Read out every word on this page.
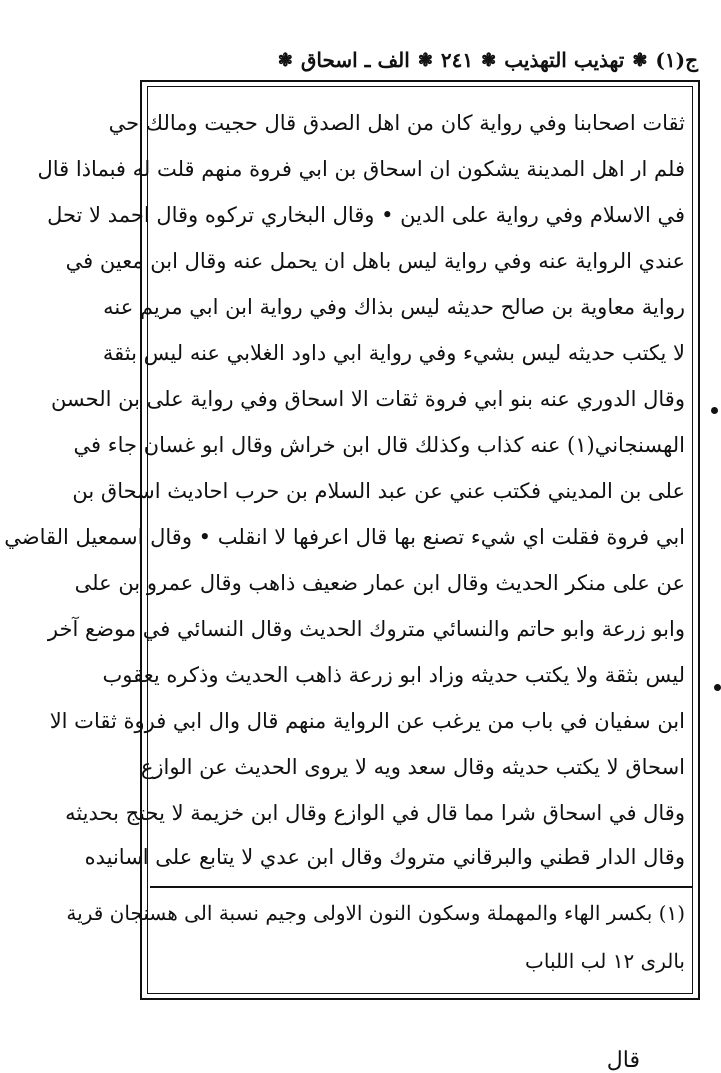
ج(١)
❃
تهذيب التهذيب
❃
٢٤١
❃
الف ـ اسحاق
❃
ثقات اصحابنا وفي رواية كان من اهل الصدق قال حجيت ومالك حي
فلم ار اهل المدينة يشكون ان اسحاق بن ابي فروة منهم قلت له فبماذا قال
في الاسلام وفي رواية على الدين • وقال البخاري تركوه وقال احمد لا تحل
عندي الرواية عنه وفي رواية ليس باهل ان يحمل عنه وقال ابن معين في
رواية معاوية بن صالح حديثه ليس بذاك وفي رواية ابن ابي مريم عنه
لا يكتب حديثه ليس بشيء وفي رواية ابي داود الغلابي عنه ليس بثقة
وقال الدوري عنه بنو ابي فروة ثقات الا اسحاق وفي رواية على بن الحسن
الهسنجاني(١) عنه كذاب وكذلك قال ابن خراش وقال ابو غسان جاء في
على بن المديني فكتب عني عن عبد السلام بن حرب احاديث اسحاق بن
ابي فروة فقلت اي شيء تصنع بها قال اعرفها لا انقلب • وقال اسمعيل القاضي
عن على منكر الحديث وقال ابن عمار ضعيف ذاهب وقال عمرو بن على
وابو زرعة وابو حاتم والنسائي متروك الحديث وقال النسائي في موضع آخر
ليس بثقة ولا يكتب حديثه وزاد ابو زرعة ذاهب الحديث وذكره يعقوب
ابن سفيان في باب من يرغب عن الرواية منهم قال وال ابي فروة ثقات الا
اسحاق لا يكتب حديثه وقال سعد ويه لا يروى الحديث عن الوازع
وقال في اسحاق شرا مما قال في الوازع وقال ابن خزيمة لا يحتج بحديثه
وقال الدار قطني والبرقاني متروك وقال ابن عدي لا يتابع على اسانيده
(١) بكسر الهاء والمهملة وسكون النون الاولى وجيم نسبة الى هسنجان قرية
بالرى ١٢ لب اللباب
قال
